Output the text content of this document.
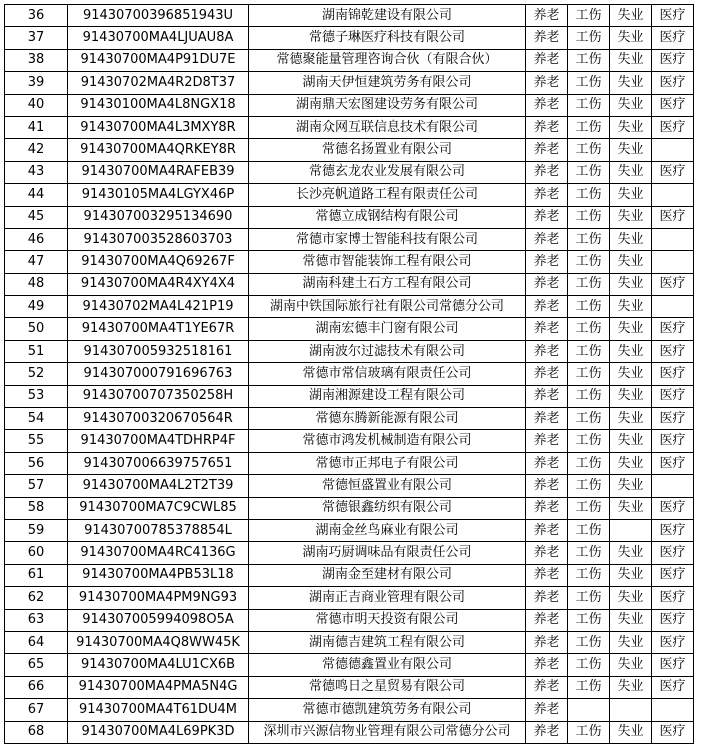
36	91430700396851943U	湖南锦乾建设有限公司	养老	工伤	失业	医疗
37	91430700MA4LJUAU8A	常德子琳医疗科技有限公司	养老	工伤	失业	医疗
38	91430700MA4P91DU7E	常德聚能量管理咨询合伙（有限合伙）	养老	工伤	失业	医疗
39	91430702MA4R2D8T37	湖南天伊恒建筑劳务有限公司	养老	工伤	失业	医疗
40	91430100MA4L8NGX18	湖南鼎天宏图建设劳务有限公司	养老	工伤	失业	医疗
41	91430700MA4L3MXY8R	湖南众网互联信息技术有限公司	养老	工伤	失业	医疗
42	91430700MA4QRKEY8R	常德名扬置业有限公司	养老	工伤	失业	
43	91430700MA4RAFEB39	常德玄龙农业发展有限公司	养老	工伤	失业	医疗
44	91430105MA4LGYX46P	长沙亮帆道路工程有限责任公司	养老	工伤	失业	
45	914307003295134690	常德立成钢结构有限公司	养老	工伤	失业	医疗
46	914307003528603703	常德市家博士智能科技有限公司	养老	工伤	失业	
47	91430700MA4Q69267F	常德市智能装饰工程有限公司	养老	工伤	失业	
48	91430700MA4R4XY4X4	湖南科建土石方工程有限公司	养老	工伤	失业	医疗
49	91430702MA4L421P19	湖南中铁国际旅行社有限公司常德分公司	养老	工伤	失业	
50	91430700MA4T1YE67R	湖南宏德丰门窗有限公司	养老	工伤	失业	医疗
51	914307005932518161	湖南波尔过滤技术有限公司	养老	工伤	失业	医疗
52	914307000791696763	常德市常信玻璃有限责任公司	养老	工伤	失业	医疗
53	91430700707350258H	湖南湘源建设工程有限公司	养老	工伤	失业	医疗
54	91430700320670564R	常德东腾新能源有限公司	养老	工伤	失业	医疗
55	91430700MA4TDHRP4F	常德市鸿发机械制造有限公司	养老	工伤	失业	医疗
56	914307006639757651	常德市正邦电子有限公司	养老	工伤	失业	医疗
57	91430700MA4L2T2T39	常德恒盛置业有限公司	养老	工伤	失业	
58	91430700MA7C9CWL85	常德银鑫纺织有限公司	养老	工伤	失业	医疗
59	91430700785378854L	湖南金丝鸟麻业有限公司	养老	工伤		医疗
60	91430700MA4RC4136G	湖南巧厨调味品有限责任公司	养老	工伤	失业	医疗
61	91430700MA4PB53L18	湖南金至建材有限公司	养老	工伤	失业	医疗
62	91430700MA4PM9NG93	湖南正吉商业管理有限公司	养老	工伤	失业	医疗
63	914307005994098O5A	常德市明天投资有限公司	养老	工伤	失业	医疗
64	91430700MA4Q8WW45K	湖南德吉建筑工程有限公司	养老	工伤	失业	医疗
65	91430700MA4LU1CX6B	常德德鑫置业有限公司	养老	工伤	失业	医疗
66	91430700MA4PMA5N4G	常德鸣日之星贸易有限公司	养老	工伤	失业	医疗
67	91430700MA4T61DU4M	常德市德凯建筑劳务有限公司	养老			
68	91430700MA4L69PK3D	深圳市兴源信物业管理有限公司常德分公司	养老	工伤	失业	医疗
